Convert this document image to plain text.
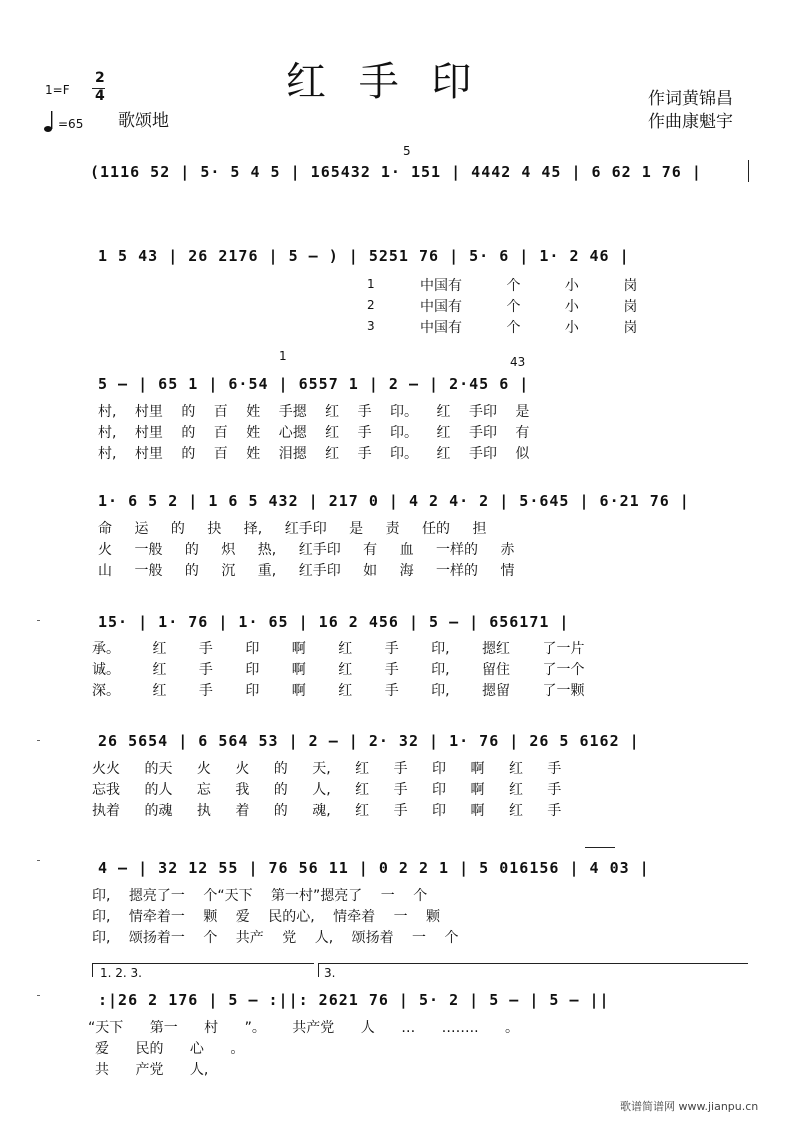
红 手 印
1=F
2
4
=65 歌颂地
作词黄锦昌
作曲康魁宇
5
(1116 52 | 5· 5 4 5 | 165432 1· 151 | 4442 4 45 | 6 62 1 76 |
1 5 43 | 26 2176 | 5 — ) | 5251 76 | 5· 6 | 1· 2 46 |
1
2
3
中国有 个 小 岗
中国有 个 小 岗
中国有 个 小 岗
1	43
5 — | 65 1 | 6·54 | 6557 1 | 2 — | 2·45 6 |
村, 村里 的 百 姓 手摁 红 手 印。 红 手印 是
村, 村里 的 百 姓 心摁 红 手 印。 红 手印 有
村, 村里 的 百 姓 泪摁 红 手 印。 红 手印 似
1· 6 5 2 | 1 6 5 432 | 217 0 | 4 2 4· 2 | 5·645 | 6·21 76 |
命 运 的 抉 择, 红手印 是 责 任的 担
火 一般 的 炽 热, 红手印 有 血 一样的 赤
山 一般 的 沉 重, 红手印 如 海 一样的 情
15· | 1· 76 | 1· 65 | 16 2 456 | 5 — | 656171 |
承。 红 手 印 啊 红 手 印, 摁红 了一片
诚。 红 手 印 啊 红 手 印, 留住 了一个
深。 红 手 印 啊 红 手 印, 摁留 了一颗
26 5654 | 6 564 53 | 2 — | 2· 32 | 1· 76 | 26 5 6162 |
火火 的天 火 火 的 天, 红 手 印 啊 红 手
忘我 的人 忘 我 的 人, 红 手 印 啊 红 手
执着 的魂 执 着 的 魂, 红 手 印 啊 红 手
4 — | 32 12 55 | 76 56 11 | 0 2 2 1 | 5 016156 | 4 03 |
印, 摁亮了一 个“天下 第一村”摁亮了 一 个
印, 情牵着一 颗 爱 民的心, 情牵着 一 颗
印, 颂扬着一 个 共产 党 人, 颂扬着 一 个
1. 2. 3.	3.
:|26 2 176 | 5 — :||: 2621 76 | 5· 2 | 5 — | 5 — ||
“天下 第一 村 ”。 共产党 人 … …….. 。
爱 民的 心 。
共 产党 人,
歌谱简谱网 www.jianpu.cn
